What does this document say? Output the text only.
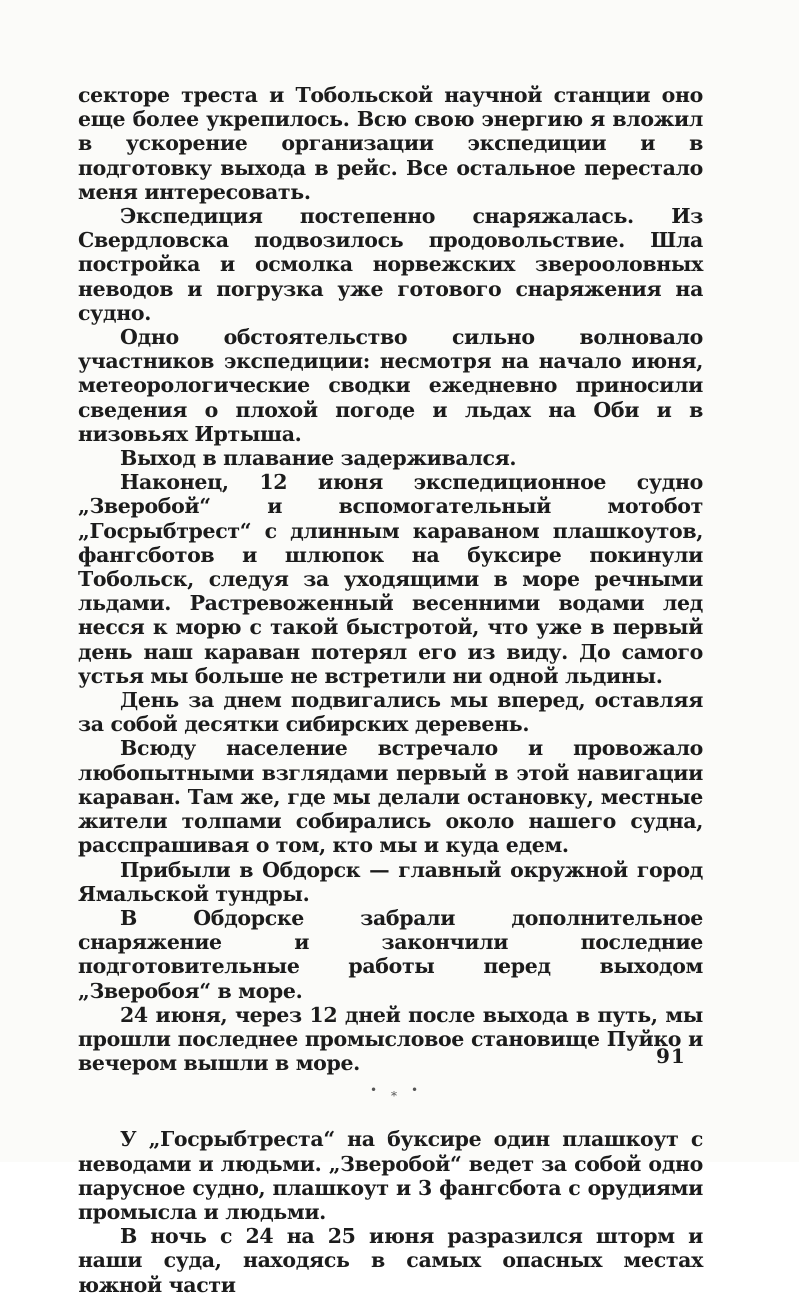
секторе треста и Тобольской научной станции оно еще более укрепилось. Всю свою энергию я вложил в ускорение организации экспедиции и в подготовку выхода в рейс. Все остальное перестало меня интересовать.

Экспедиция постепенно снаряжалась. Из Свердловска подвозилось продовольствие. Шла постройка и осмолка норвежских зверооловных неводов и погрузка уже готового снаряжения на судно.

Одно обстоятельство сильно волновало участников экспедиции: несмотря на начало июня, метеорологические сводки ежедневно приносили сведения о плохой погоде и льдах на Оби и в низовьях Иртыша.

Выход в плавание задерживался.

Наконец, 12 июня экспедиционное судно „Зверобой“ и вспомогательный мотобот „Госрыбтрест“ с длинным караваном плашкоутов, фангсботов и шлюпок на буксире покинули Тобольск, следуя за уходящими в море речными льдами. Растревоженный весенними водами лед несся к морю с такой быстротой, что уже в первый день наш караван потерял его из виду. До самого устья мы больше не встретили ни одной льдины.

День за днем подвигались мы вперед, оставляя за собой десятки сибирских деревень.

Всюду население встречало и провожало любопытными взглядами первый в этой навигации караван. Там же, где мы делали остановку, местные жители толпами собирались около нашего судна, расспрашивая о том, кто мы и куда едем.

Прибыли в Обдорск — главный окружной город Ямальской тундры.

В Обдорске забрали дополнительное снаряжение и закончили последние подготовительные работы перед выходом „Зверобоя“ в море.

24 июня, через 12 дней после выхода в путь, мы прошли последнее промысловое становище Пуйко и вечером вышли в море.

• * •

У „Госрыбтреста“ на буксире один плашкоут с неводами и людьми. „Зверобой“ ведет за собой одно парусное судно, плашкоут и 3 фангсбота с орудиями промысла и людьми.

В ночь с 24 на 25 июня разразился шторм и наши суда, находясь в самых опасных местах южной части

91
